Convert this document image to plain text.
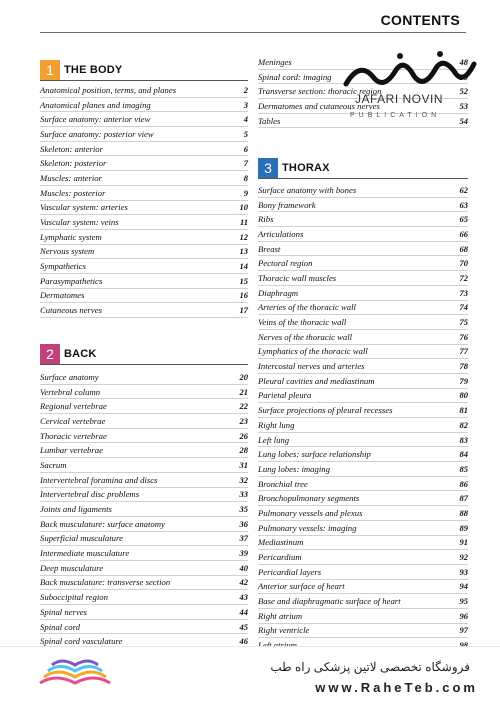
CONTENTS
1 THE BODY
Anatomical position, terms, and planes	2
Anatomical planes and imaging	3
Surface anatomy: anterior view	4
Surface anatomy: posterior view	5
Skeleton: anterior	6
Skeleton: posterior	7
Muscles: anterior	8
Muscles: posterior	9
Vascular system: arteries	10
Vascular system: veins	11
Lymphatic system	12
Nervous system	13
Sympathetics	14
Parasympathetics	15
Dermatomes	16
Cutaneous nerves	17
2 BACK
Surface anatomy	20
Vertebral column	21
Regional vertebrae	22
Cervical vertebrae	23
Thoracic vertebrae	26
Lumbar vertebrae	28
Sacrum	31
Intervertebral foramina and discs	32
Intervertebral disc problems	33
Joints and ligaments	35
Back musculature: surface anatomy	36
Superficial musculature	37
Intermediate musculature	39
Deep musculature	40
Back musculature: transverse section	42
Suboccipital region	43
Spinal nerves	44
Spinal cord	45
Spinal cord vasculature	46
Meninges	48
Spinal cord: imaging	50
Transverse section: thoracic region	52
Dermatomes and cutaneous nerves	53
Tables	54
3 THORAX
Surface anatomy with bones	62
Bony framework	63
Ribs	65
Articulations	66
Breast	68
Pectoral region	70
Thoracic wall muscles	72
Diaphragm	73
Arteries of the thoracic wall	74
Veins of the thoracic wall	75
Nerves of the thoracic wall	76
Lymphatics of the thoracic wall	77
Intercostal nerves and arteries	78
Pleural cavities and mediastinum	79
Parietal pleura	80
Surface projections of pleural recesses	81
Right lung	82
Left lung	83
Lung lobes: surface relationship	84
Lung lobes: imaging	85
Bronchial tree	86
Bronchopulmonary segments	87
Pulmonary vessels and plexus	88
Pulmonary vessels: imaging	89
Mediastinum	91
Pericardium	92
Pericardial layers	93
Anterior surface of heart	94
Base and diaphragmatic surface of heart	95
Right atrium	96
Right ventricle	97
JAFARI NOVIN
PUBLICATION
فروشگاه تخصصی لاتین پزشکی راه طب
www.RaheTeb.com
